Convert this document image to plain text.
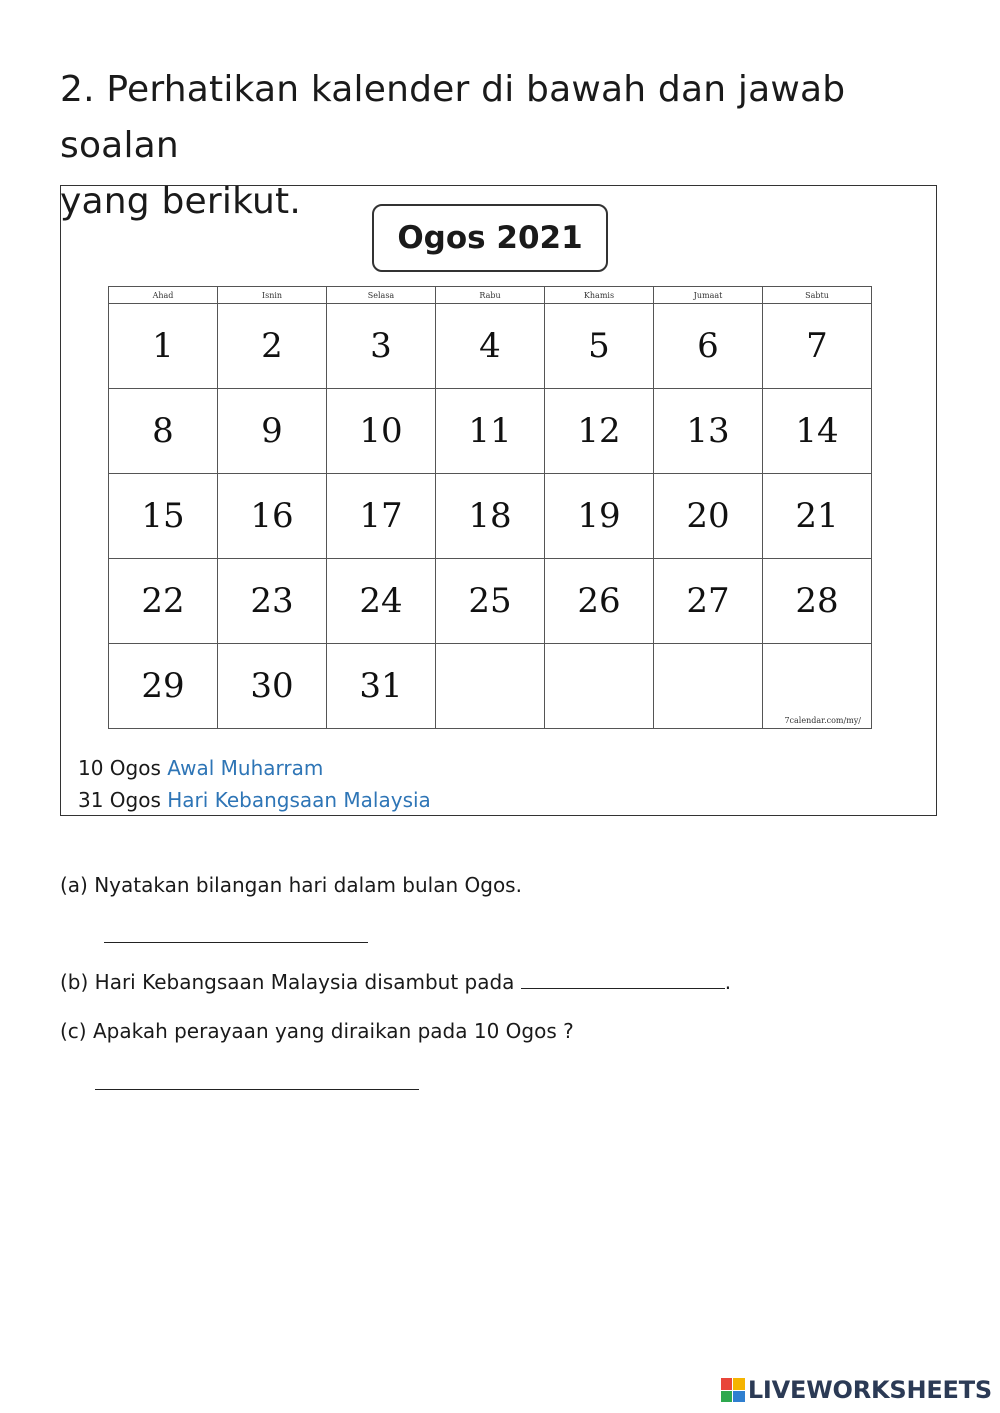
2. Perhatikan kalender di bawah dan jawab soalan
yang berikut.
Ogos 2021
Ahad	Isnin	Selasa	Rabu	Khamis	Jumaat	Sabtu
1	2	3	4	5	6	7
8	9	10	11	12	13	14
15	16	17	18	19	20	21
22	23	24	25	26	27	28
29	30	31				7calendar.com/my/
10 Ogos Awal Muharram
31 Ogos Hari Kebangsaan Malaysia
(a) Nyatakan bilangan hari dalam bulan Ogos.
(b) Hari Kebangsaan Malaysia disambut pada	.
(c) Apakah perayaan yang diraikan pada 10 Ogos ?
LIVEWORKSHEETS
